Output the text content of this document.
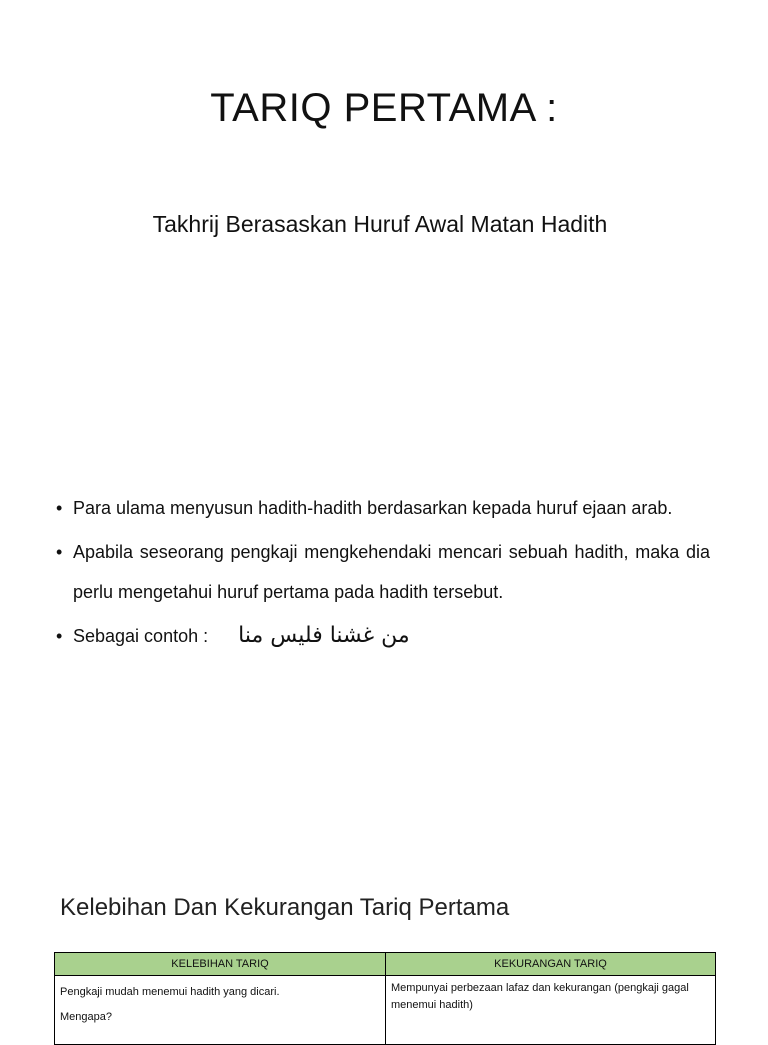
TARIQ PERTAMA :

Takhrij Berasaskan Huruf Awal Matan Hadith

• Para ulama menyusun hadith-hadith berdasarkan kepada huruf ejaan arab.
• Apabila seseorang pengkaji mengkehendaki mencari sebuah hadith, maka dia perlu mengetahui huruf pertama pada hadith tersebut.
• Sebagai contoh : من غشنا فليس منا
Kelebihan Dan Kekurangan Tariq Pertama
KELEBIHAN TARIQ	KEKURANGAN TARIQ

Pengkaji mudah menemui hadith yang dicari.
Mengapa?	Mempunyai perbezaan lafaz dan kekurangan (pengkaji gagal menemui hadith)
